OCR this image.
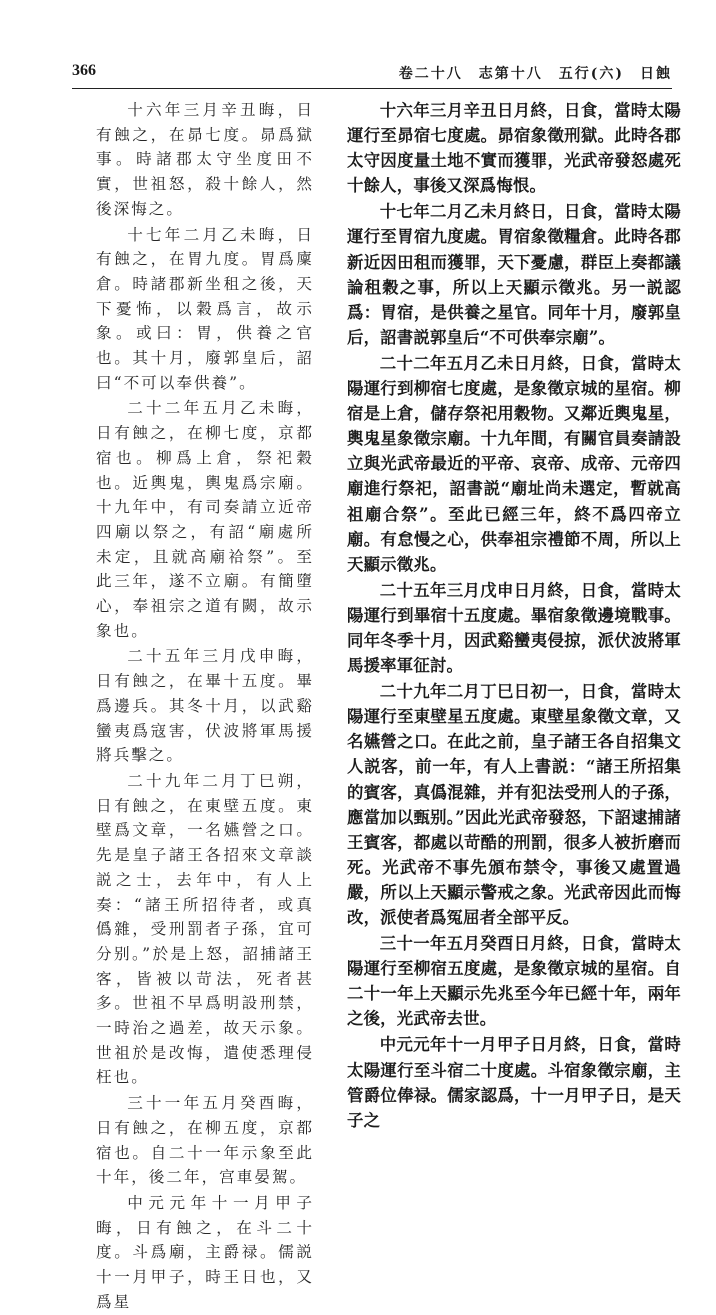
366	卷二十八　志第十八　五行(六)　日蝕

十六年三月辛丑晦，日有蝕之，在昴七度。昴爲獄事。時諸郡太守坐度田不實，世祖怒，殺十餘人，然後深悔之。

十七年二月乙未晦，日有蝕之，在胃九度。胃爲廩倉。時諸郡新坐租之後，天下憂怖，以穀爲言，故示象。或曰：胃，供養之官也。其十月，廢郭皇后，詔曰“不可以奉供養”。

二十二年五月乙未晦，日有蝕之，在柳七度，京都宿也。柳爲上倉，祭祀穀也。近輿鬼，輿鬼爲宗廟。十九年中，有司奏請立近帝四廟以祭之，有詔“廟處所未定，且就高廟祫祭”。至此三年，遂不立廟。有簡墮心，奉祖宗之道有闕，故示象也。

二十五年三月戊申晦，日有蝕之，在畢十五度。畢爲邊兵。其冬十月，以武谿蠻夷爲寇害，伏波將軍馬援將兵擊之。

二十九年二月丁巳朔，日有蝕之，在東壁五度。東壁爲文章，一名嬿營之口。先是皇子諸王各招來文章談説之士，去年中，有人上奏：“諸王所招待者，或真僞雜，受刑罰者子孫，宜可分别。”於是上怒，詔捕諸王客，皆被以苛法，死者甚多。世祖不早爲明設刑禁，一時治之過差，故天示象。世祖於是改悔，遣使悉理侵枉也。

三十一年五月癸酉晦，日有蝕之，在柳五度，京都宿也。自二十一年示象至此十年，後二年，宫車晏駕。

中元元年十一月甲子晦，日有蝕之，在斗二十度。斗爲廟，主爵禄。儒説十一月甲子，時王日也，又爲星

十六年三月辛丑日月終，日食，當時太陽運行至昴宿七度處。昴宿象徵刑獄。此時各郡太守因度量土地不實而獲罪，光武帝發怒處死十餘人，事後又深爲悔恨。

十七年二月乙未月終日，日食，當時太陽運行至胃宿九度處。胃宿象徵糧倉。此時各郡新近因田租而獲罪，天下憂慮，群臣上奏都議論租穀之事，所以上天顯示徵兆。另一説認爲：胃宿，是供養之星官。同年十月，廢郭皇后，詔書説郭皇后“不可供奉宗廟”。

二十二年五月乙未日月終，日食，當時太陽運行到柳宿七度處，是象徵京城的星宿。柳宿是上倉，儲存祭祀用穀物。又鄰近輿鬼星，輿鬼星象徵宗廟。十九年間，有關官員奏請設立與光武帝最近的平帝、哀帝、成帝、元帝四廟進行祭祀，詔書説“廟址尚未選定，暫就高祖廟合祭”。至此已經三年，終不爲四帝立廟。有怠慢之心，供奉祖宗禮節不周，所以上天顯示徵兆。

二十五年三月戊申日月終，日食，當時太陽運行到畢宿十五度處。畢宿象徵邊境戰事。同年冬季十月，因武谿蠻夷侵掠，派伏波將軍馬援率軍征討。

二十九年二月丁巳日初一，日食，當時太陽運行至東壁星五度處。東壁星象徵文章，又名嬿營之口。在此之前，皇子諸王各自招集文人説客，前一年，有人上書説：“諸王所招集的賓客，真僞混雜，并有犯法受刑人的子孫，應當加以甄别。”因此光武帝發怒，下詔逮捕諸王賓客，都處以苛酷的刑罰，很多人被折磨而死。光武帝不事先頒布禁令，事後又處置過嚴，所以上天顯示警戒之象。光武帝因此而悔改，派使者爲冤屈者全部平反。

三十一年五月癸酉日月終，日食，當時太陽運行至柳宿五度處，是象徵京城的星宿。自二十一年上天顯示先兆至今年已經十年，兩年之後，光武帝去世。

中元元年十一月甲子日月終，日食，當時太陽運行至斗宿二十度處。斗宿象徵宗廟，主管爵位俸禄。儒家認爲，十一月甲子日，是天子之
